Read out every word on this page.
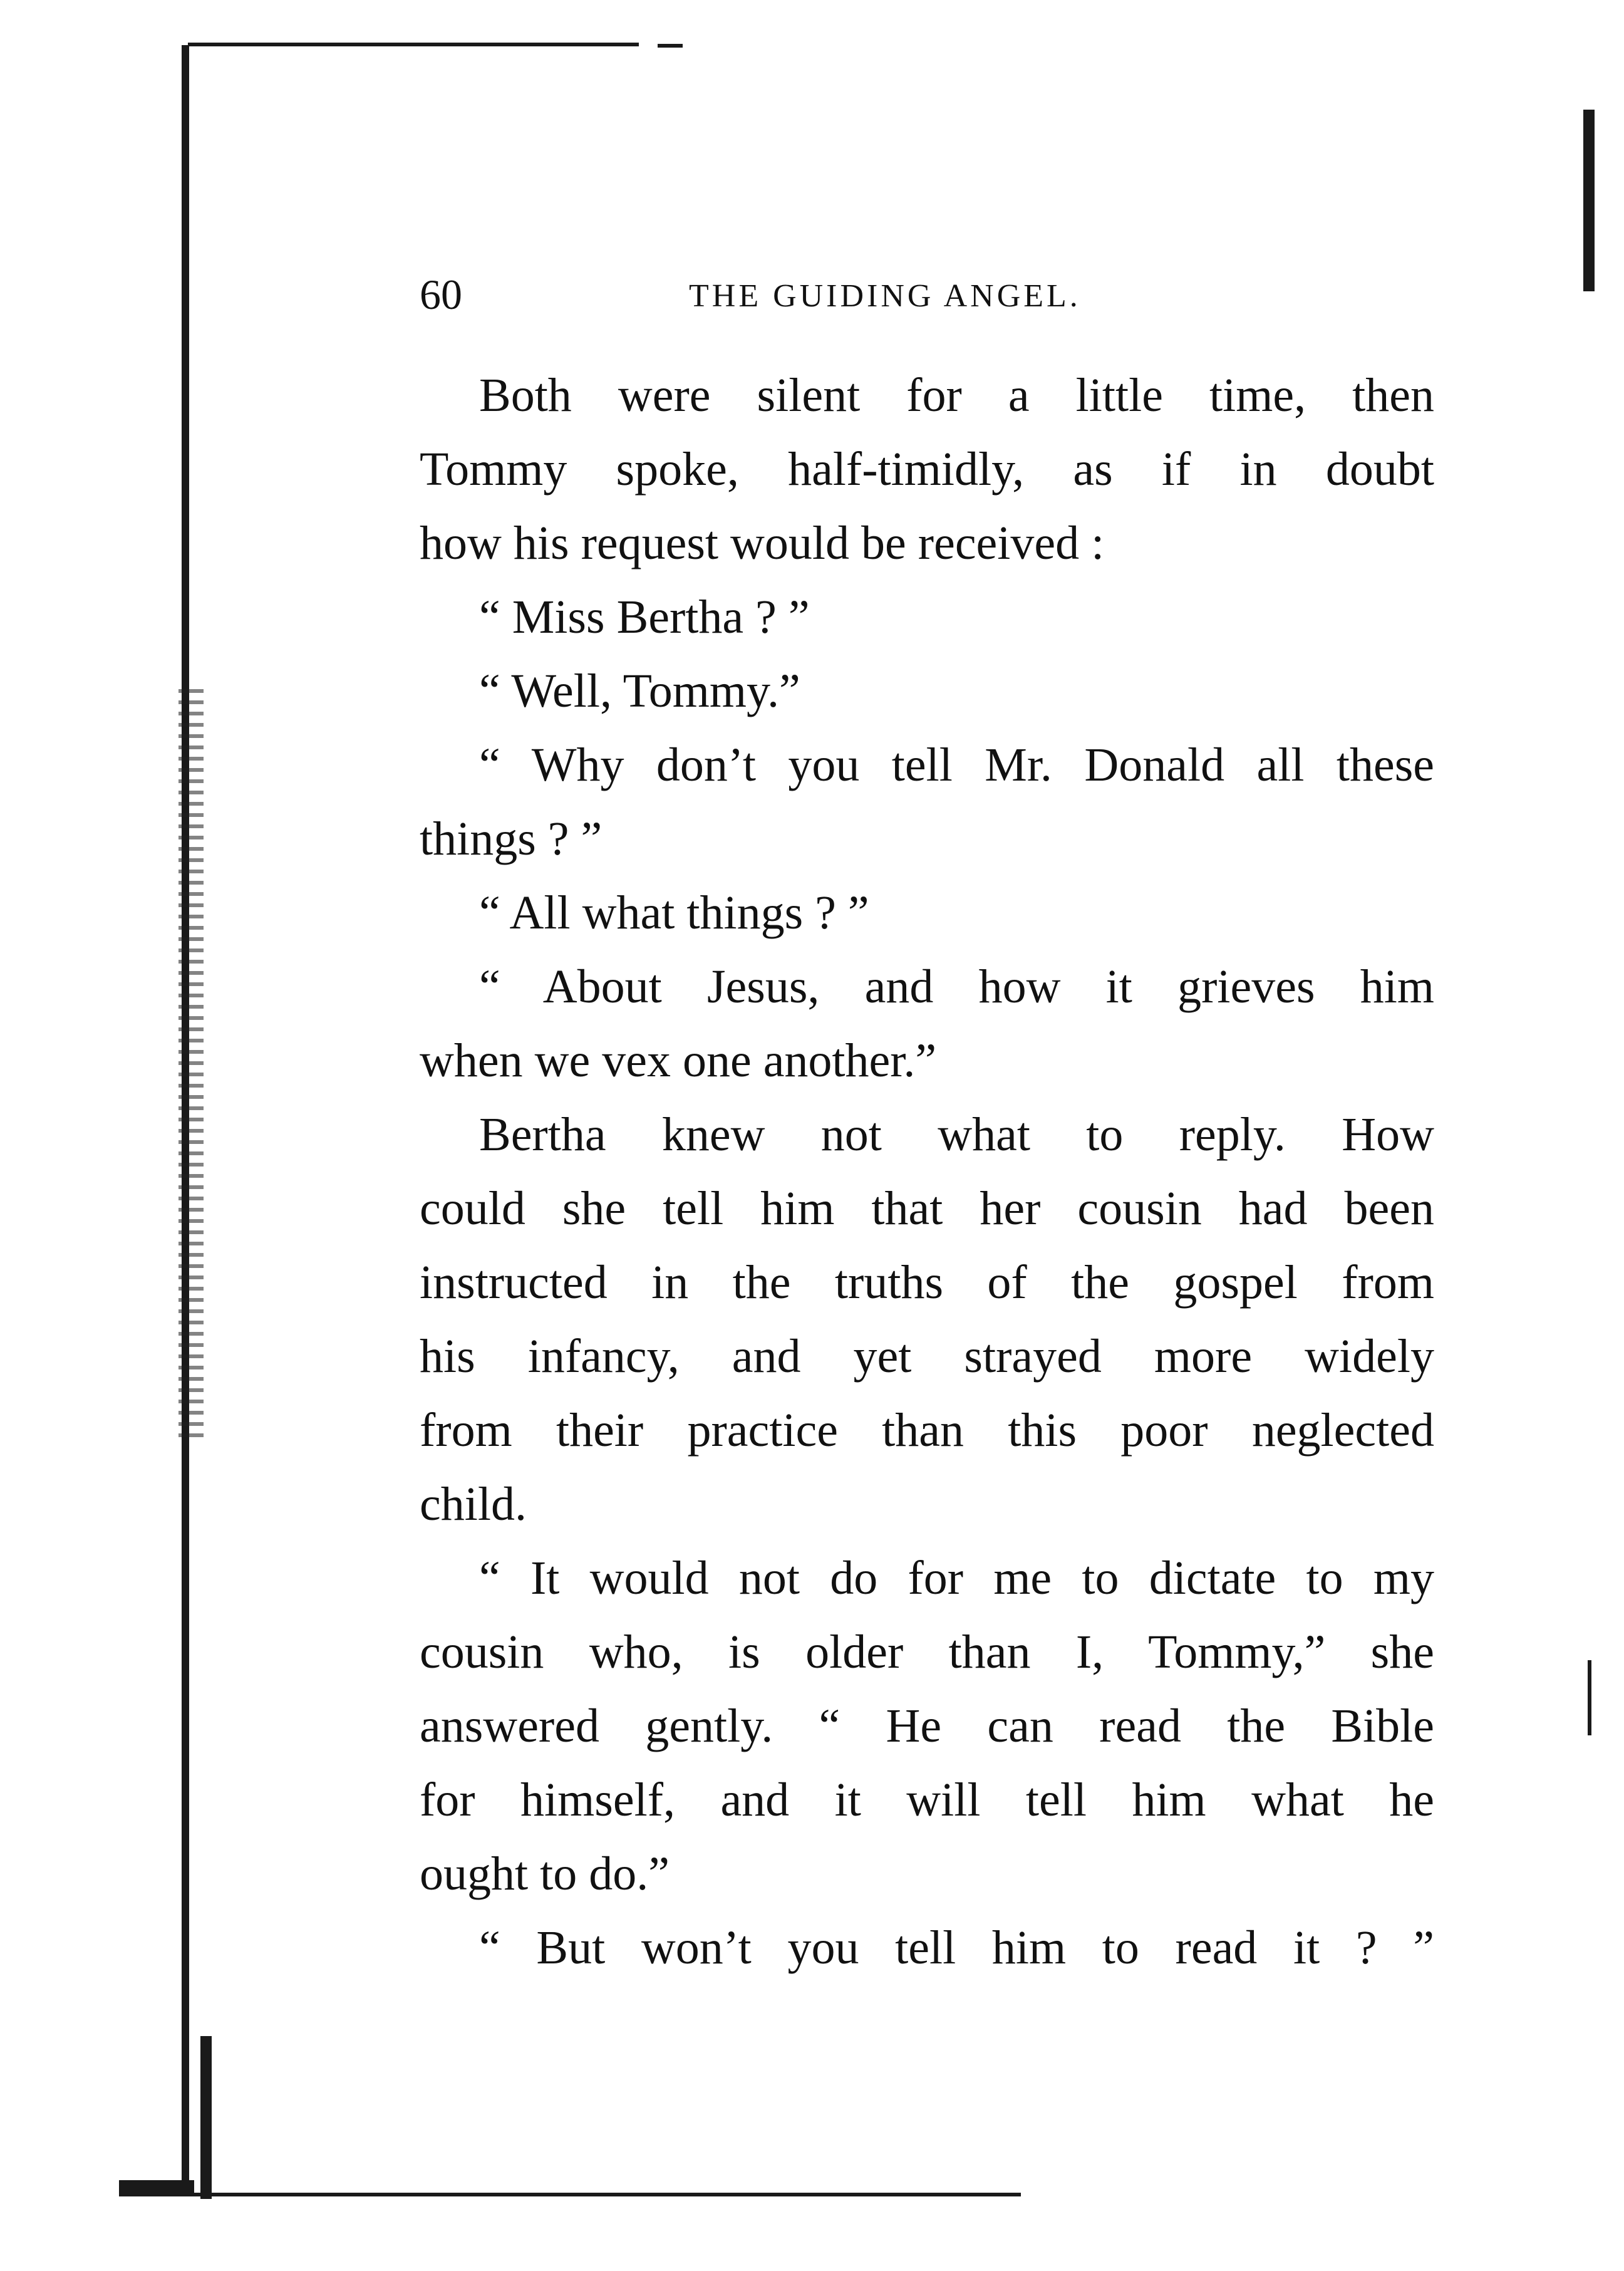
60	THE GUIDING ANGEL.
Both were silent for a little time, then
Tommy spoke, half-timidly, as if in doubt
how his request would be received :
“ Miss Bertha ? ”
“ Well, Tommy.”
“ Why don’t you tell Mr. Donald all these
things ? ”
“ All what things ? ”
“ About Jesus, and how it grieves him
when we vex one another.”
Bertha knew not what to reply. How
could she tell him that her cousin had been
instructed in the truths of the gospel from
his infancy, and yet strayed more widely
from their practice than this poor neglected
child.
“ It would not do for me to dictate to my
cousin who, is older than I, Tommy,” she
answered gently. “ He can read the Bible
for himself, and it will tell him what he
ought to do.”
“ But won’t you tell him to read it ? ”
